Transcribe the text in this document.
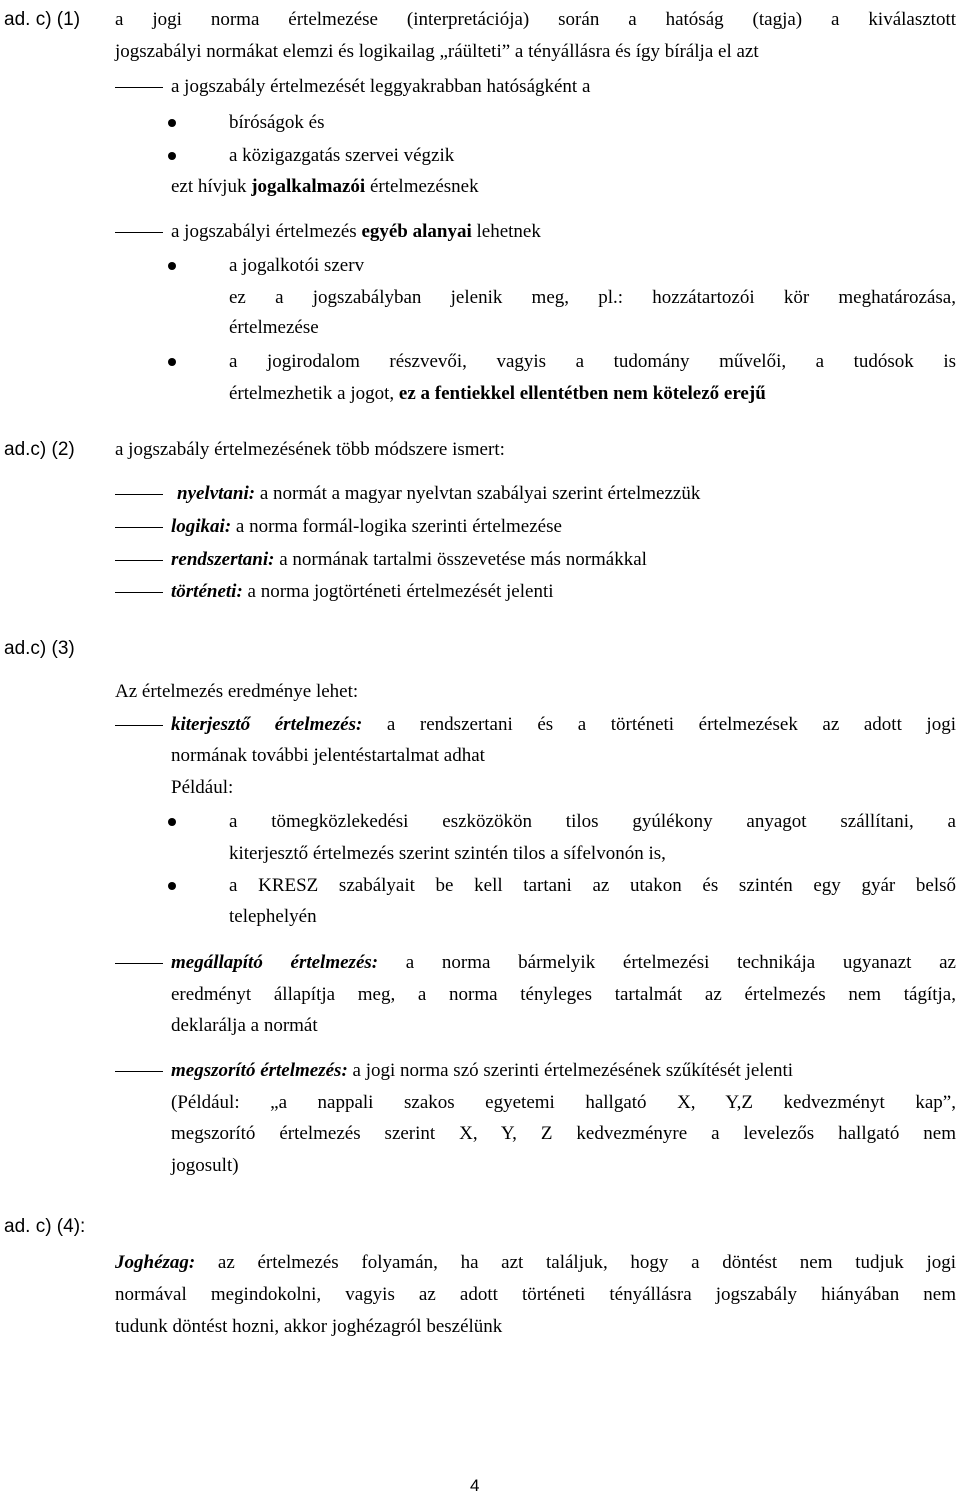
ad. c) (1)
ad.c) (2)
ad.c) (3)
ad. c) (4):
a jogi norma értelmezése (interpretációja) során a hatóság (tagja) a kiválasztott
jogszabályi normákat elemzi és logikailag „ráülteti” a tényállásra és így bírálja el azt
a jogszabály értelmezését leggyakrabban hatóságként a
bíróságok és
a közigazgatás szervei végzik
ezt hívjuk jogalkalmazói értelmezésnek
a jogszabályi értelmezés egyéb alanyai lehetnek
a jogalkotói szerv
ez a jogszabályban jelenik meg, pl.: hozzátartozói kör meghatározása,
értelmezése
a jogirodalom részvevői, vagyis a tudomány művelői, a tudósok is
értelmezhetik a jogot, ez a fentiekkel ellentétben nem kötelező erejű
a jogszabály értelmezésének több módszere ismert:
nyelvtani: a normát a magyar nyelvtan szabályai szerint értelmezzük
logikai: a norma formál-logika szerinti értelmezése
rendszertani: a normának tartalmi összevetése más normákkal
történeti: a norma jogtörténeti értelmezését jelenti
Az értelmezés eredménye lehet:
kiterjesztő értelmezés: a rendszertani és a történeti értelmezések az adott jogi
normának további jelentéstartalmat adhat
Például:
a tömegközlekedési eszközökön tilos gyúlékony anyagot szállítani, a
kiterjesztő értelmezés szerint szintén tilos a sífelvonón is,
a KRESZ szabályait be kell tartani az utakon és szintén egy gyár belső
telephelyén
megállapító értelmezés: a norma bármelyik értelmezési technikája ugyanazt az
eredményt állapítja meg, a norma tényleges tartalmát az értelmezés nem tágítja,
deklarálja a normát
megszorító értelmezés: a jogi norma szó szerinti értelmezésének szűkítését jelenti
(Például: „a nappali szakos egyetemi hallgató X, Y,Z kedvezményt kap”,
megszorító értelmezés szerint X, Y, Z kedvezményre a levelezős hallgató nem
jogosult)
Joghézag: az értelmezés folyamán, ha azt találjuk, hogy a döntést nem tudjuk jogi
normával megindokolni, vagyis az adott történeti tényállásra jogszabály hiányában nem
tudunk döntést hozni, akkor joghézagról beszélünk
4
